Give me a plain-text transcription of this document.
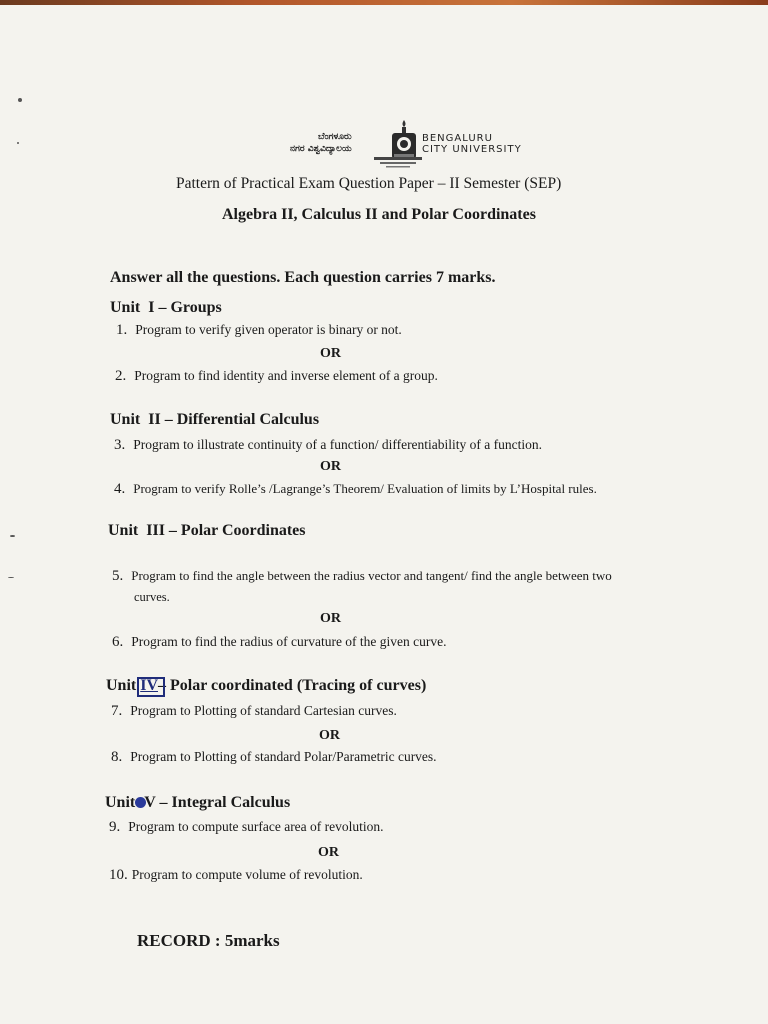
ಬೆಂಗಳೂರು
ನಗರ ವಿಶ್ವವಿದ್ಯಾಲಯ
BENGALURU
CITY UNIVERSITY
Pattern of Practical Exam Question Paper – II Semester (SEP)
Algebra II, Calculus II and Polar Coordinates
Answer all the questions. Each question carries 7 marks.
Unit I – Groups
1. Program to verify given operator is binary or not.
OR
2. Program to find identity and inverse element of a group.
Unit II – Differential Calculus
3. Program to illustrate continuity of a function/ differentiability of a function.
OR
4. Program to verify Rolle’s /Lagrange’s Theorem/ Evaluation of limits by L’Hospital rules.
Unit III – Polar Coordinates
5. Program to find the angle between the radius vector and tangent/ find the angle between two
curves.
OR
6. Program to find the radius of curvature of the given curve.
Unit IV
– Polar coordinated (Tracing of curves)
7. Program to Plotting of standard Cartesian curves.
OR
8. Program to Plotting of standard Polar/Parametric curves.
Unit V – Integral Calculus
9. Program to compute surface area of revolution.
OR
10. Program to compute volume of revolution.
RECORD : 5marks
